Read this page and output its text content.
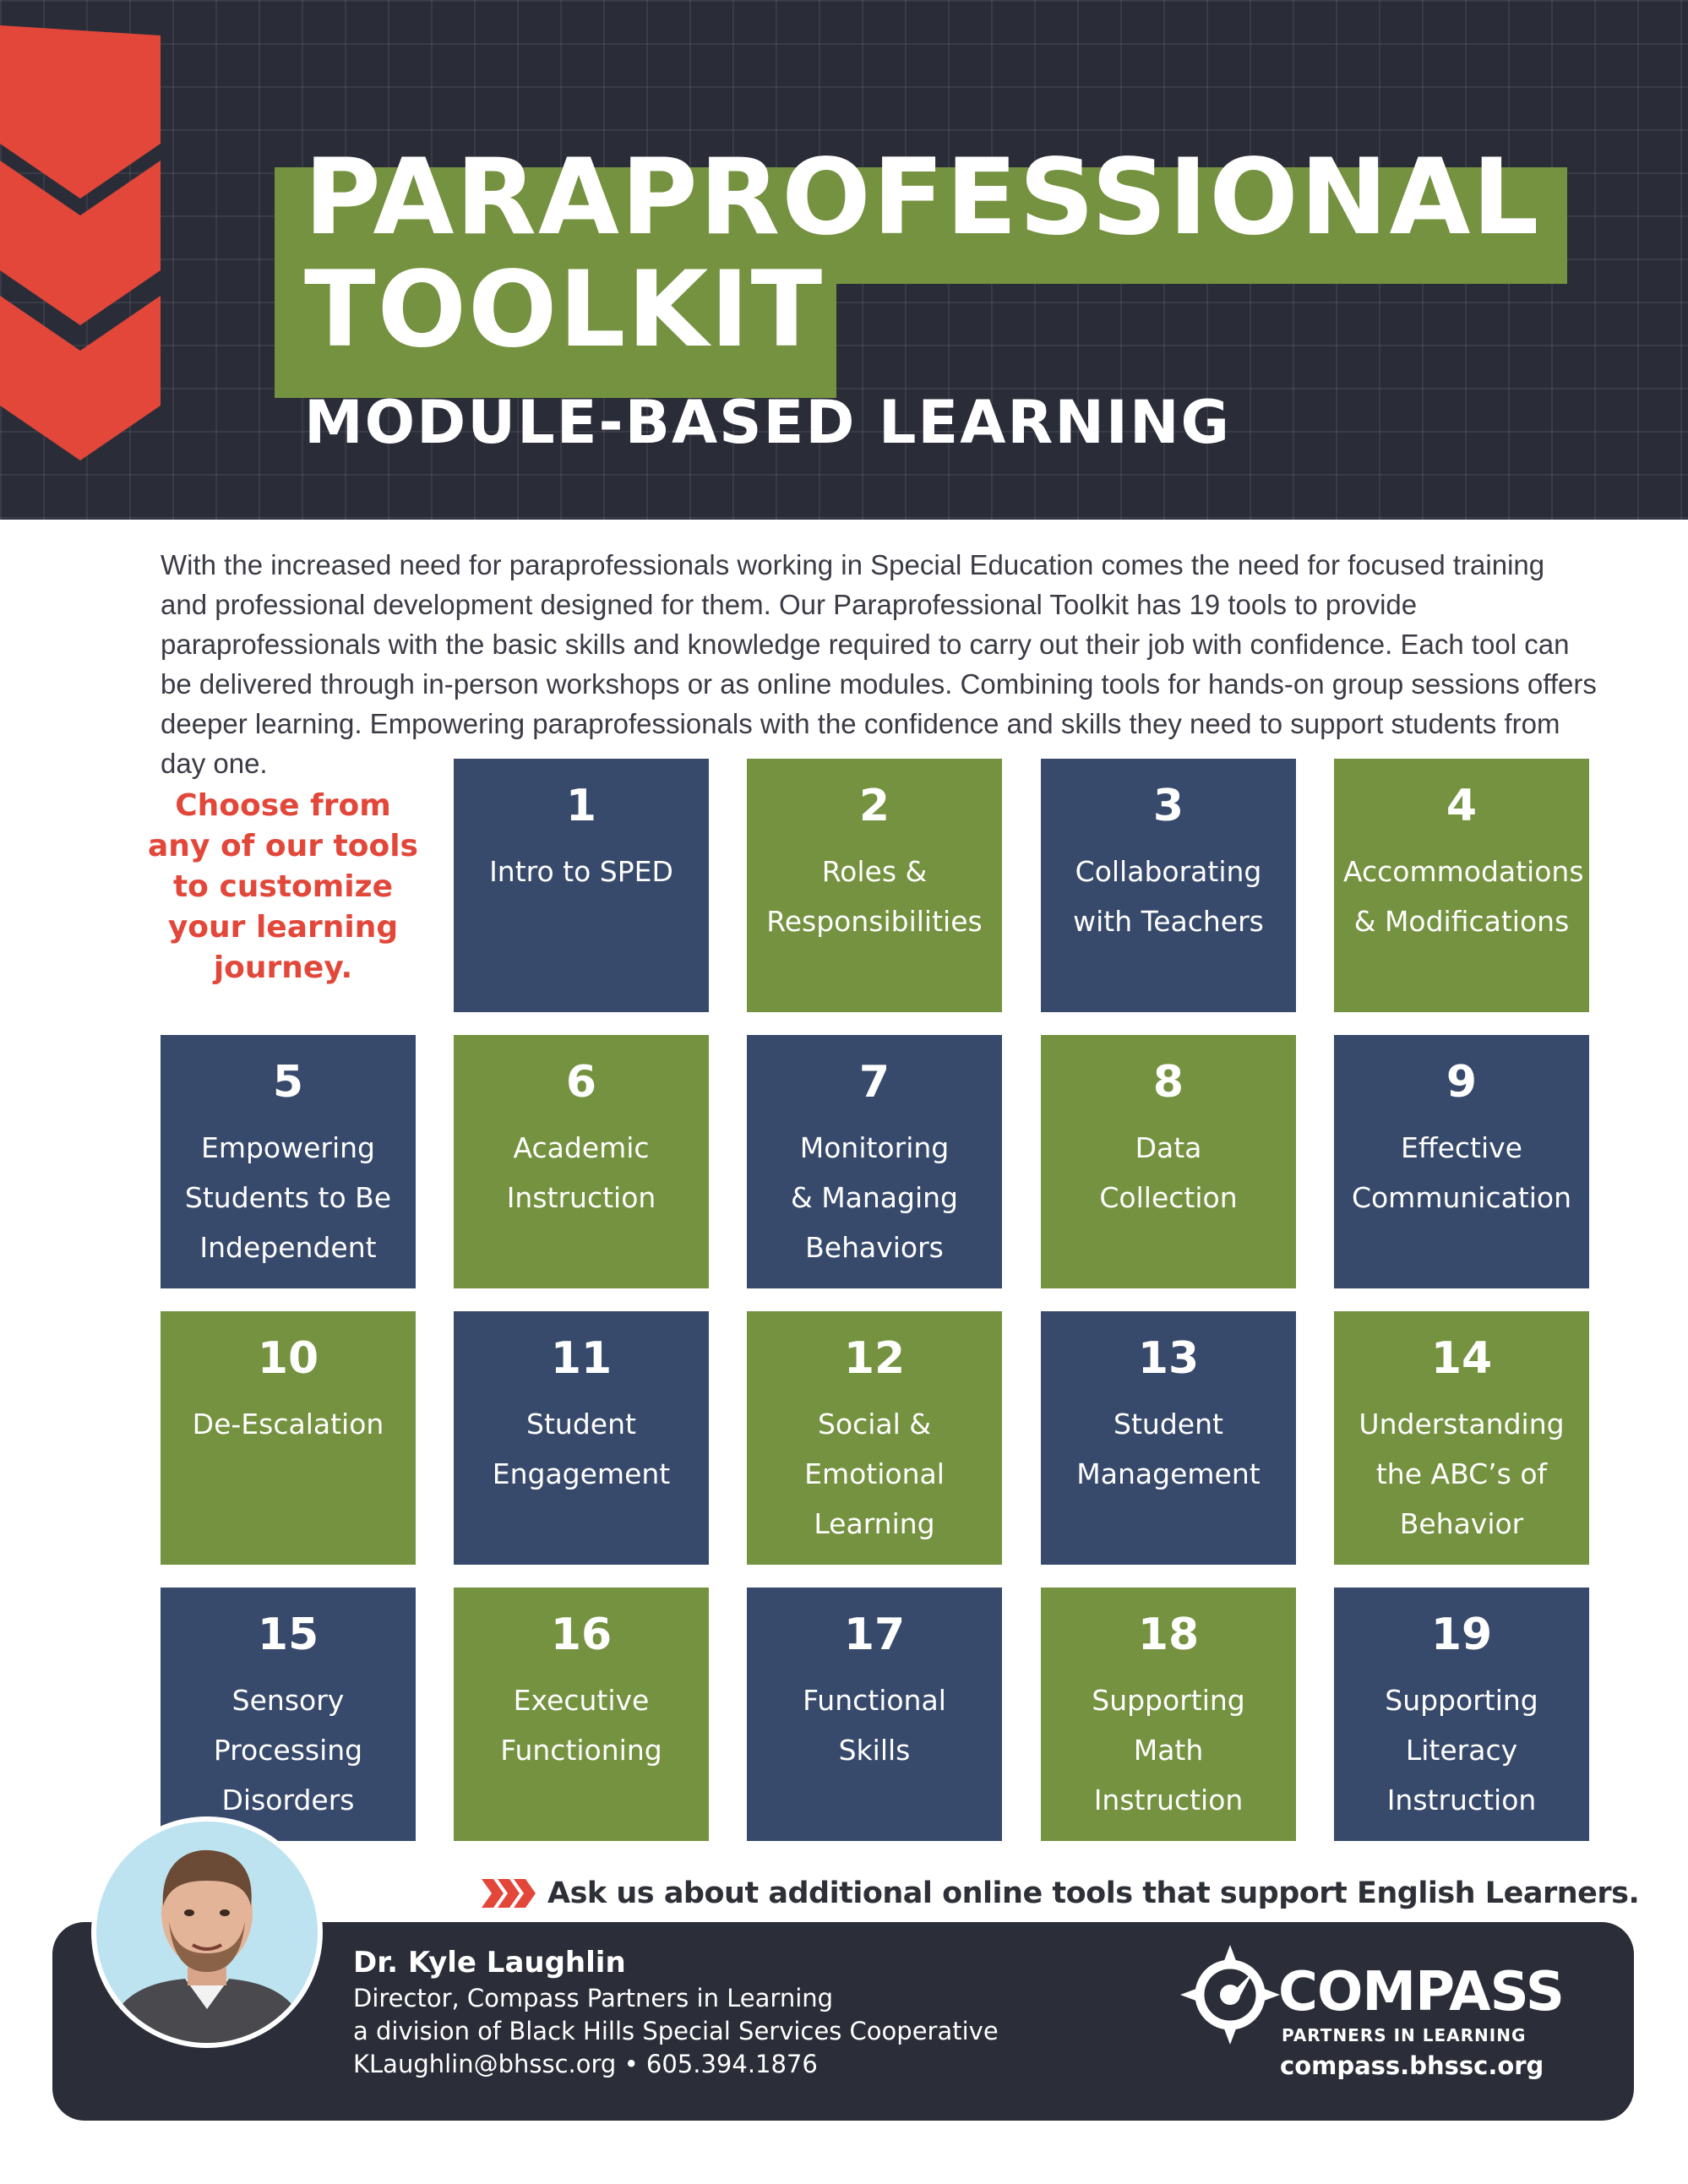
PARAPROFESSIONAL
TOOLKIT
MODULE-BASED LEARNING

With the increased need for paraprofessionals working in Special Education comes the need for focused training and professional development designed for them. Our Paraprofessional Toolkit has 19 tools to provide paraprofessionals with the basic skills and knowledge required to carry out their job with confidence. Each tool can be delivered through in-person workshops or as online modules. Combining tools for hands-on group sessions offers deeper learning. Empowering paraprofessionals with the confidence and skills they need to support students from day one.

Choose from any of our tools to customize your learning journey.
1
Intro to SPED
2
Roles &
Responsibilities
3
Collaborating
with Teachers
4
Accommodations
& Modifications
5
Empowering
Students to Be
Independent
6
Academic
Instruction
7
Monitoring
& Managing
Behaviors
8
Data
Collection
9
Effective
Communication
10
De-Escalation
11
Student
Engagement
12
Social &
Emotional
Learning
13
Student
Management
14
Understanding
the ABC’s of
Behavior
15
Sensory
Processing
Disorders
16
Executive
Functioning
17
Functional
Skills
18
Supporting
Math
Instruction
19
Supporting
Literacy
Instruction
Ask us about additional online tools that support English Learners.
Dr. Kyle Laughlin
Director, Compass Partners in Learning
a division of Black Hills Special Services Cooperative
KLaughlin@bhssc.org • 605.394.1876
COMPASS
PARTNERS IN LEARNING
compass.bhssc.org
